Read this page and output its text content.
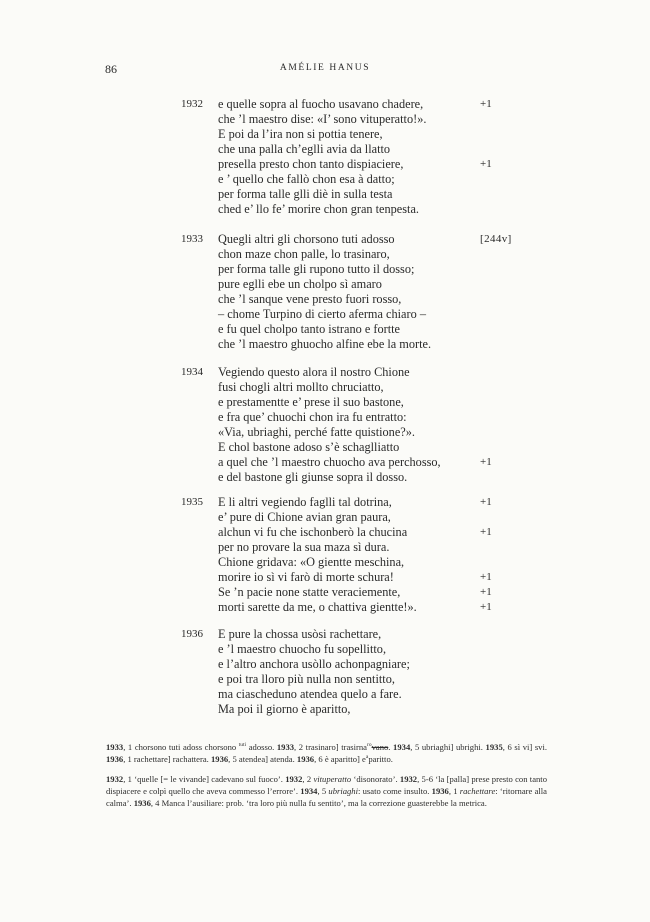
86	AMÉLIE HANUS
1932 e quelle sopra al fuocho usavano chadere,	+1
che ’l maestro dise: «I’ sono vituperatto!».
E poi da l’ira non si pottia tenere,
che una palla ch’eglli avia da llatto
presella presto chon tanto dispiaciere,	+1
e ’ quello che fallò chon esa à datto;
per forma talle glli diè in sulla testa
ched e’ llo fe’ morire chon gran tenpesta.
1933 Quegli altri gli chorsono tuti adosso	[244v]
chon maze chon palle, lo trasinaro,
per forma talle gli rupono tutto il dosso;
pure eglli ebe un cholpo sì amaro
che ’l sanque vene presto fuori rosso,
– chome Turpino di cierto aferma chiaro –
e fu quel cholpo tanto istrano e fortte
che ’l maestro ghuocho alfine ebe la morte.
1934 Vegiendo questo alora il nostro Chione
fusi chogli altri mollto chruciatto,
e prestamentte e’ prese il suo bastone,
e fra que’ chuochi chon ira fu entratto:
«Via, ubriaghi, perché fatte quistione?».
E chol bastone adoso s’è schaglliatto
a quel che ’l maestro chuocho ava perchosso,	+1
e del bastone gli giunse sopra il dosso.
1935 E li altri vegiendo faglli tal dotrina,	+1
e’ pure di Chione avian gran paura,
alchun vi fu che ischonberò la chucina	+1
per no provare la sua maza sì dura.
Chione gridava: «O gientte meschina,
morire io sì vi farò di morte schura!	+1
Se ’n pacie none statte veraciemente,	+1
morti sarette da me, o chattiva gientte!».	+1
1936 E pure la chossa usòsi rachettare,
e ’l maestro chuocho fu sopellitto,
e l’altro anchora usòllo achonpagniare;
e poi tra lloro più nulla non sentitto,
ma ciascheduno atendea quelo a fare.
Ma poi il giorno è aparitto,

1933, 1 chorsono tuti adoss chorsono $^{tuti}$ adosso. 1933, 2 trasinaro] trasirna$^{ro}$vano. 1934, 5 ubriaghi] ubrighi. 1935, 6 sì vi] svi. 1936, 1 rachettare] rachattera. 1936, 5 atendea] atenda. 1936, 6 è aparitto] $e^aparitto$.

1932, 1 ‘quelle [= le vivande] cadevano sul fuoco’. 1932, 2 vituperatto ‘disonorato’. 1932, 5-6 ‘la [palla] prese presto con tanto dispiacere e colpì quello che aveva commesso l’errore’. 1934, 5 ubriaghi: usato come insulto. 1936, 1 rachettare: ‘ritornare alla calma’. 1936, 4 Manca l’ausiliare: prob. ‘tra loro più nulla fu sentito’, ma la correzione guasterebbe la metrica.
